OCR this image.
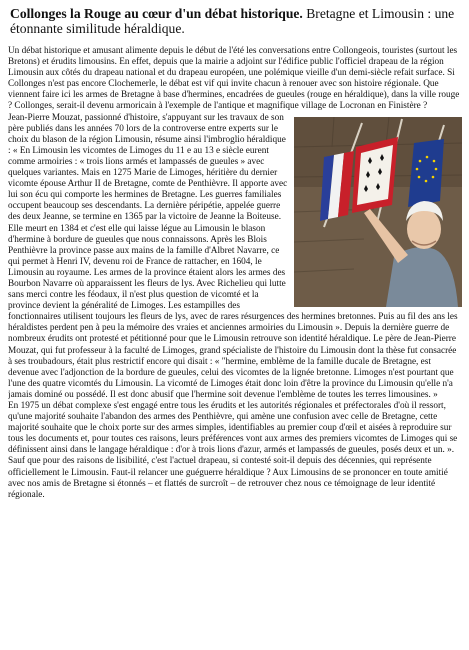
Collonges la Rouge au cœur d'un débat historique. Bretagne et Limousin : une étonnante similitude héraldique.

Un débat historique et amusant alimente depuis le début de l'été les conversations entre Collongeois, touristes (surtout les Bretons) et érudits limousins. En effet, depuis que la mairie a adjoint sur l'édifice public l'officiel drapeau de la région Limousin aux côtés du drapeau national et du drapeau européen, une polémique vieille d'un demi-siècle refait surface. Si Collonges n'est pas encore Clochemerle, le débat est vif qui invite chacun à renouer avec son histoire régionale. Que viennent faire ici les armes de Bretagne à base d'hermines, encadrées de gueules (rouge en héraldique), dans la ville rouge ? Collonges, serait-il devenu armoricain à l'exemple de l'antique et magnifique village de Locronan en Finistère ?

Jean-Pierre Mouzat, passionné d'histoire, s'appuyant sur les travaux de son père publiés dans les années 70 lors de la controverse entre experts sur le choix du blason de la région Limousin, résume ainsi l'imbroglio héraldique : « En Limousin les vicomtes de Limoges du 11 e au 13 e siècle eurent comme armoiries : « trois lions armés et lampassés de gueules » avec quelques variantes. Mais en 1275 Marie de Limoges, héritière du dernier vicomte épouse Arthur II de Bretagne, comte de Penthièvre. Il apporte avec lui son écu qui comporte les hermines de Bretagne. Les guerres familiales occupent beaucoup ses descendants. La dernière péripétie, appelée guerre des deux Jeanne, se termine en 1365 par la victoire de Jeanne la Boiteuse. Elle meurt en 1384 et c'est elle qui laisse légue au Limousin le blason d'hermine à bordure de gueules que nous connaissons. Après les Blois Penthièvre la province passe aux mains de la famille d'Albret Navarre, ce qui permet à Henri IV, devenu roi de France de rattacher, en 1604, le Limousin au royaume. Les armes de la province étaient alors les armes des Bourbon Navarre où apparaissent les fleurs de lys. Avec Richelieu qui lutte sans merci contre les féodaux, il n'est plus question de vicomté et la province devient la généralité de Limoges. Les estampilles des fonctionnaires utilisent toujours les fleurs de lys, avec de rares résurgences des hermines bretonnes. Puis au fil des ans les héraldistes perdent pen à peu la mémoire des vraies et anciennes armoiries du Limousin ». Depuis la dernière guerre de nombreux érudits ont protesté et pétitionné pour que le Limousin retrouve son identité héraldique. Le père de Jean-Pierre Mouzat, qui fut professeur à la faculté de Limoges, grand spécialiste de l'histoire du Limousin dont la thèse fut consacrée à ses troubadours, était plus restrictif encore qui disait : « "hermine, emblème de la famille ducale de Bretagne, est devenue avec l'adjonction de la bordure de gueules, celui des vicomtes de la lignée bretonne. Limoges n'est pourtant que l'une des quatre vicomtés du Limousin. La vicomté de Limoges était donc loin d'être la province du Limousin qu'elle n'a jamais dominé ou possédé. Il est donc abusif que l'hermine soit devenue l'emblème de toutes les terres limousines. »

En 1975 un débat complexe s'est engagé entre tous les érudits et les autorités régionales et préfectorales d'où il ressort, qu'une majorité souhaite l'abandon des armes des Penthièvre, qui amène une confusion avec celle de Bretagne, cette majorité souhaite que le choix porte sur des armes simples, identifiables au premier coup d'œil et aisées à reproduire sur tous les documents et, pour toutes ces raisons, leurs préférences vont aux armes des premiers vicomtes de Limoges qui se définissent ainsi dans le langage héraldique : d'or à trois lions d'azur, armés et lampassés de gueules, posés deux et un. ».

Sauf que pour des raisons de lisibilité, c'est l'actuel drapeau, si contesté soit-il depuis des décennies, qui représente officiellement le Limousin. Faut-il relancer une guéguerre héraldique ? Aux Limousins de se prononcer en toute amitié avec nos amis de Bretagne si étonnés – et flattés de surcroît – de retrouver chez nous ce témoignage de leur identité régionale.
